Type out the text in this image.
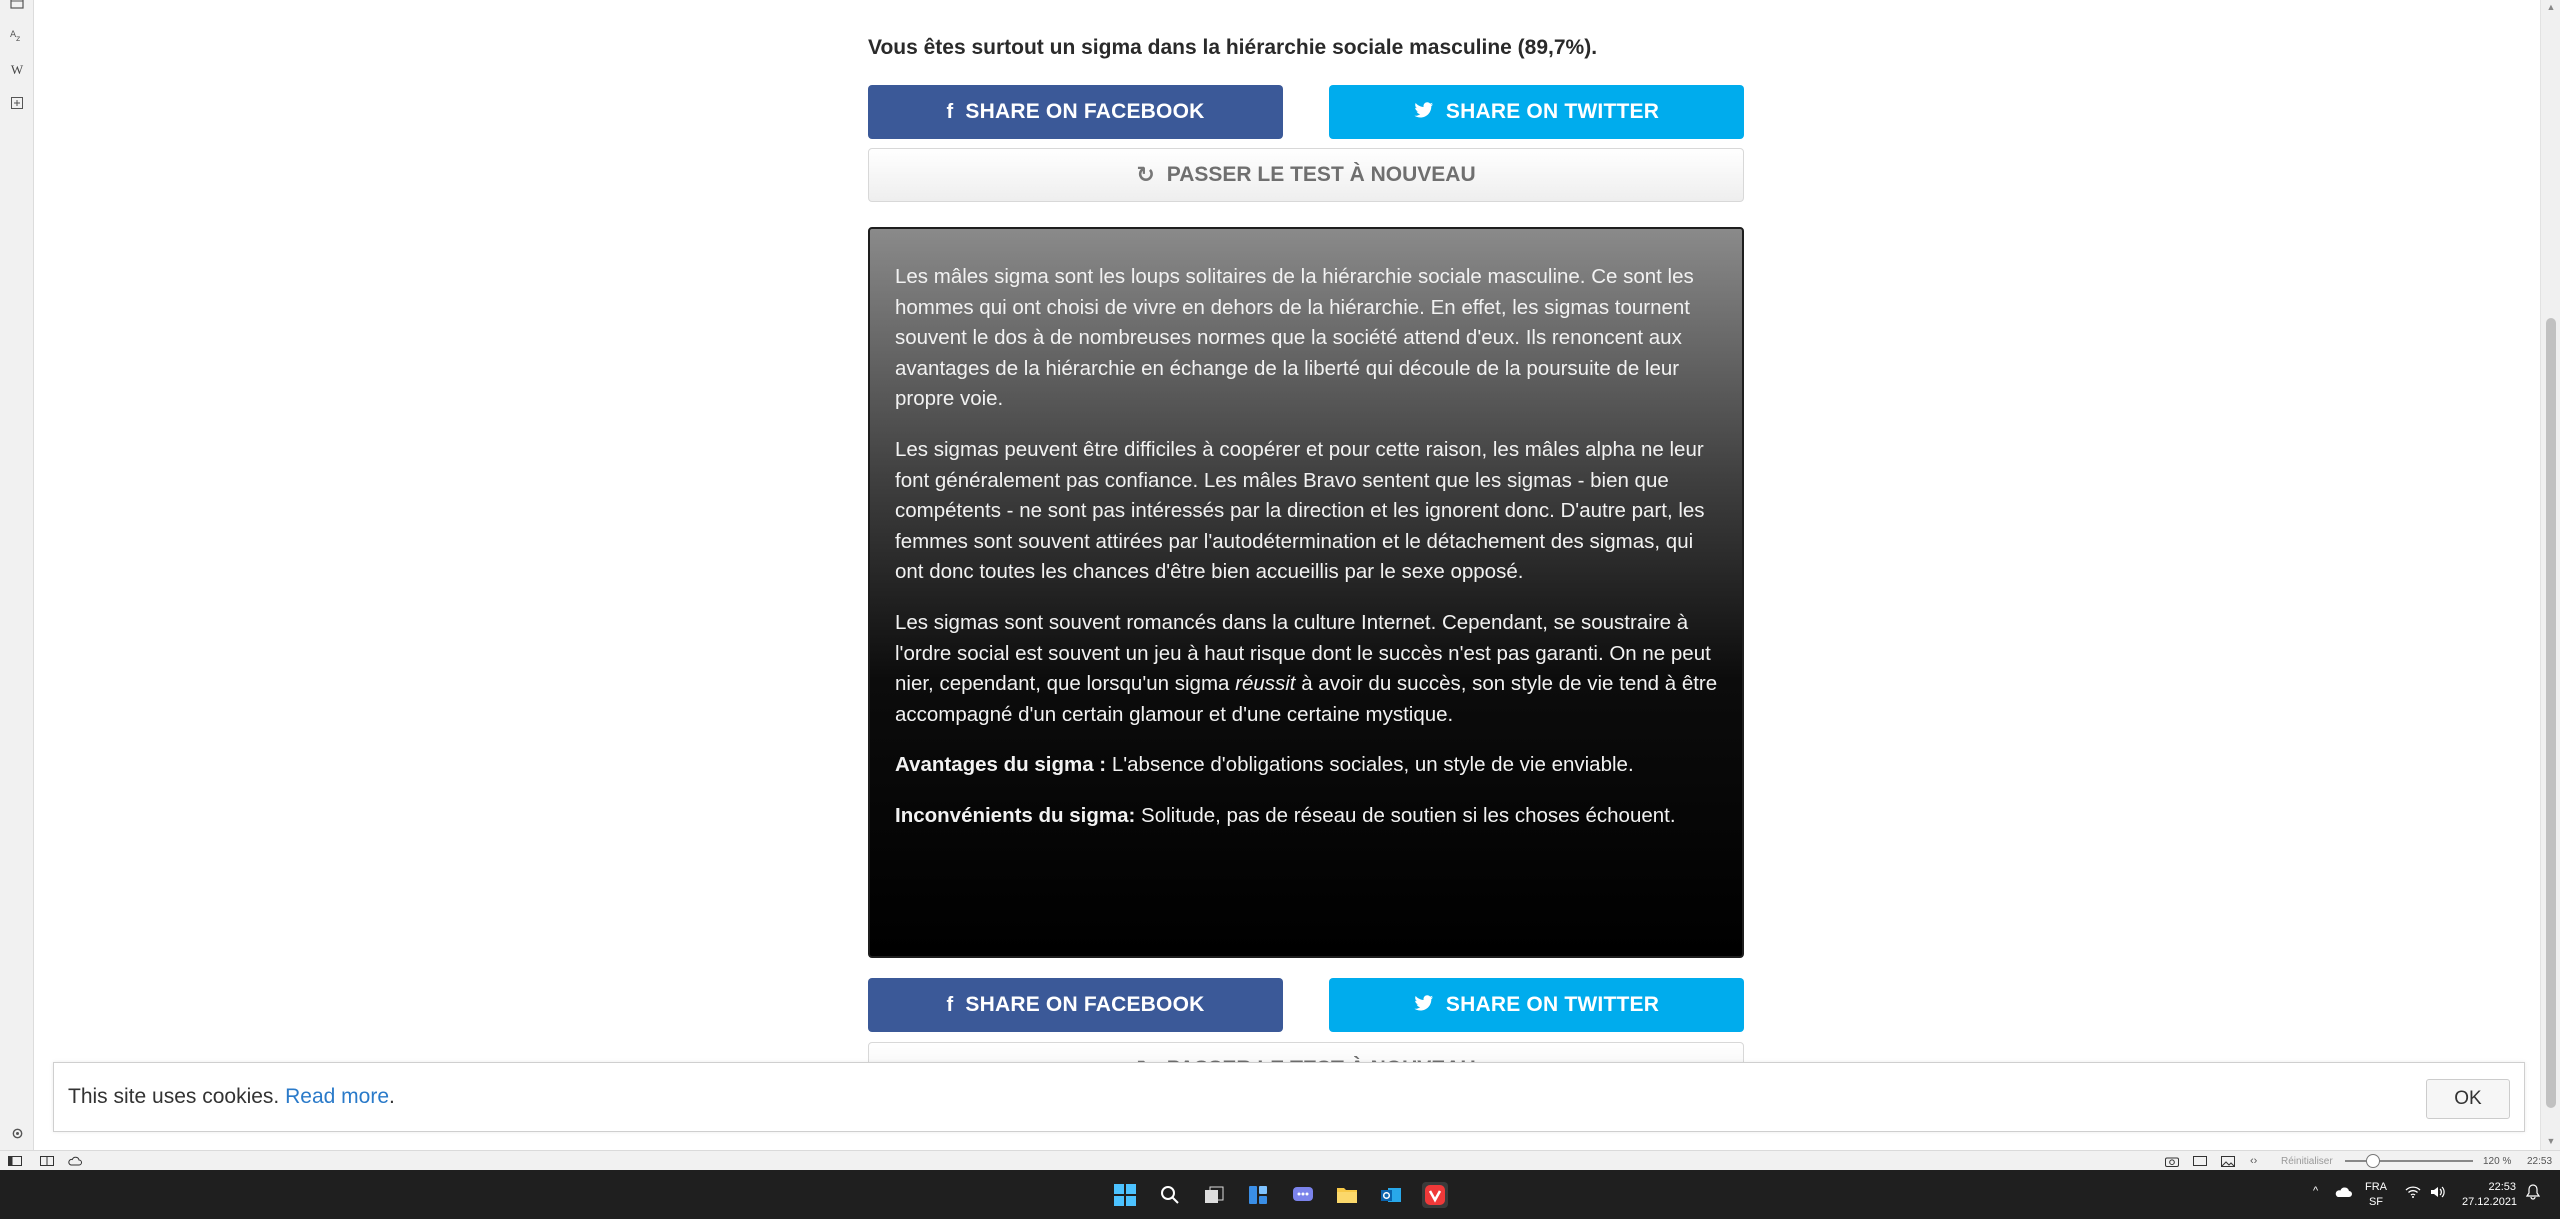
A z
W
Vous êtes surtout un sigma dans la hiérarchie sociale masculine (89,7%).
f SHARE ON FACEBOOK	SHARE ON TWITTER
↻ PASSER LE TEST À NOUVEAU

Les mâles sigma sont les loups solitaires de la hiérarchie sociale masculine. Ce sont les hommes qui ont choisi de vivre en dehors de la hiérarchie. En effet, les sigmas tournent souvent le dos à de nombreuses normes que la société attend d'eux. Ils renoncent aux avantages de la hiérarchie en échange de la liberté qui découle de la poursuite de leur propre voie.

Les sigmas peuvent être difficiles à coopérer et pour cette raison, les mâles alpha ne leur font généralement pas confiance. Les mâles Bravo sentent que les sigmas - bien que compétents - ne sont pas intéressés par la direction et les ignorent donc. D'autre part, les femmes sont souvent attirées par l'autodétermination et le détachement des sigmas, qui ont donc toutes les chances d'être bien accueillis par le sexe opposé.

Les sigmas sont souvent romancés dans la culture Internet. Cependant, se soustraire à l'ordre social est souvent un jeu à haut risque dont le succès n'est pas garanti. On ne peut nier, cependant, que lorsqu'un sigma réussit à avoir du succès, son style de vie tend à être accompagné d'un certain glamour et d'une certaine mystique.

Avantages du sigma : L'absence d'obligations sociales, un style de vie enviable.

Inconvénients du sigma: Solitude, pas de réseau de soutien si les choses échouent.

f SHARE ON FACEBOOK	SHARE ON TWITTER
This site uses cookies. Read more.	OK
▲
▼
‹› Réinitialiser	120 % 22:53
^	FRA
SF
22:53
27.12.2021
